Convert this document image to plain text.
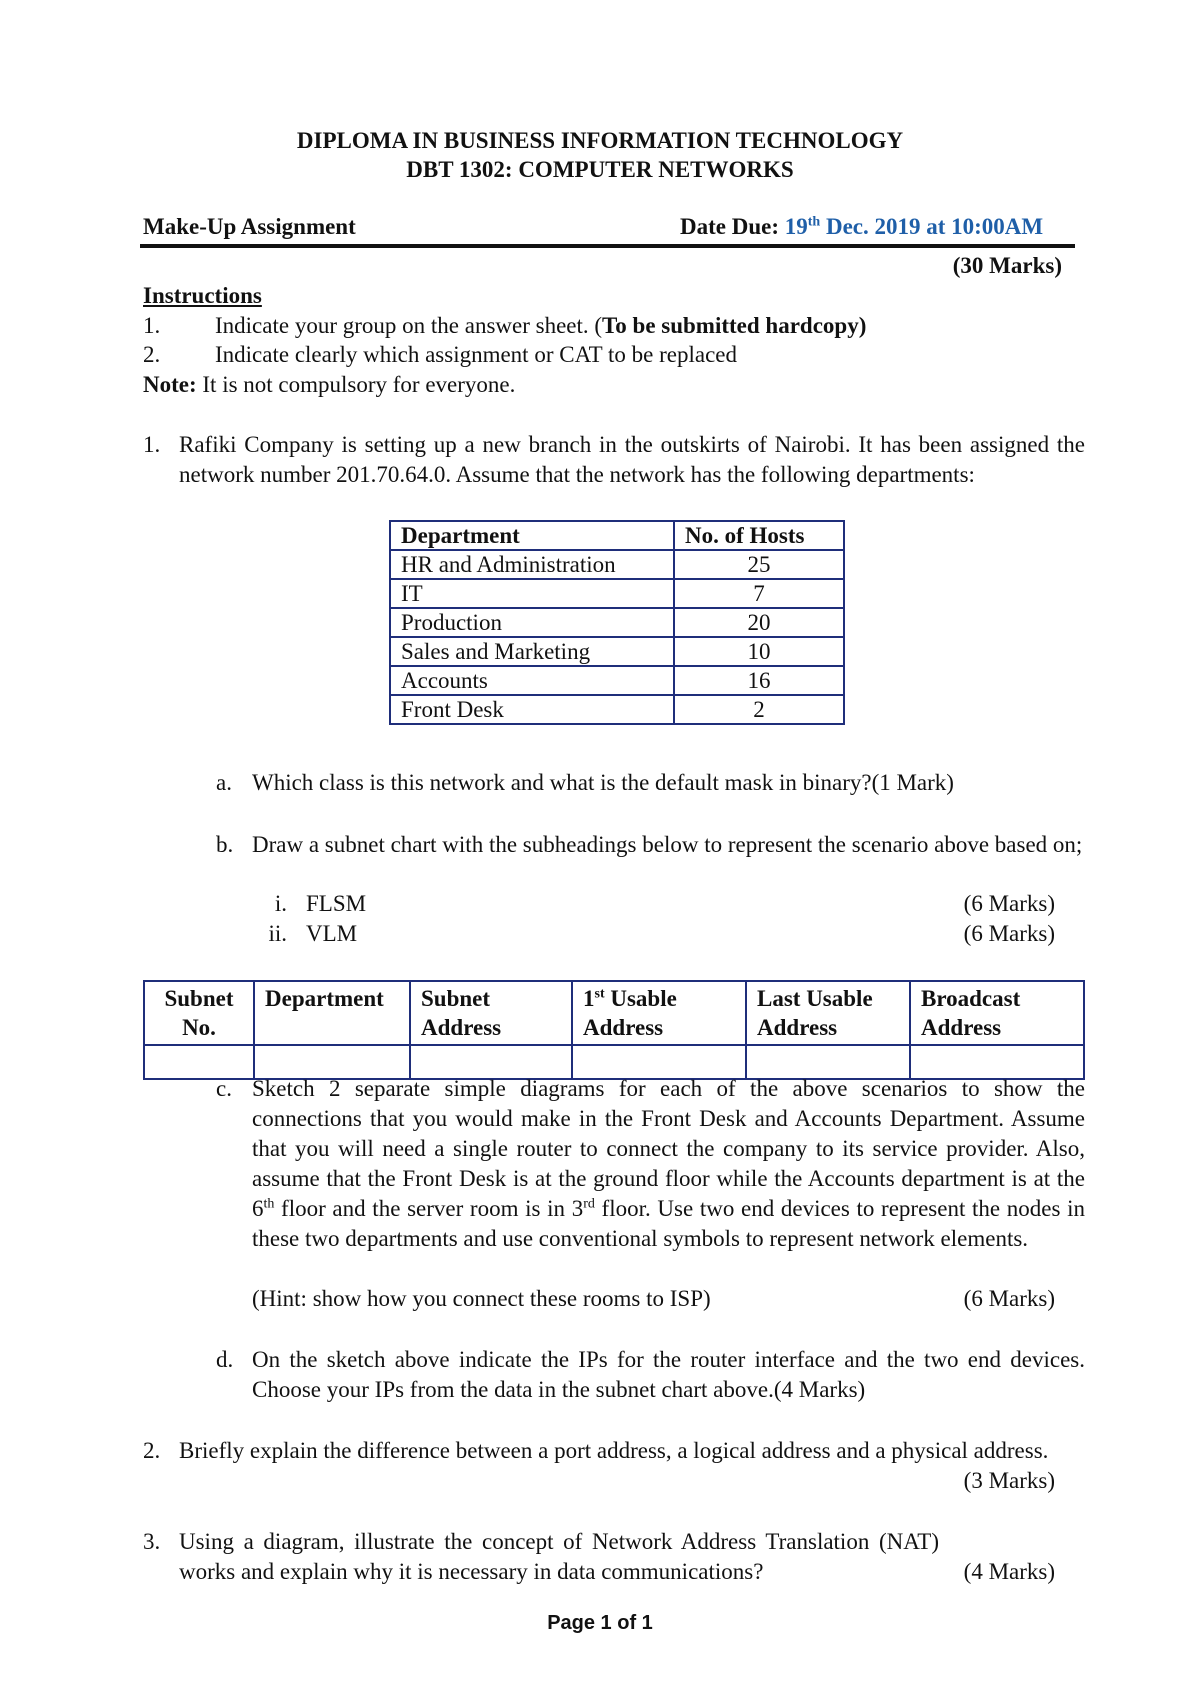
DIPLOMA IN BUSINESS INFORMATION TECHNOLOGY
DBT 1302: COMPUTER NETWORKS
Make-Up Assignment	Date Due: 19th Dec. 2019 at 10:00AM
(30 Marks)
Instructions
1. Indicate your group on the answer sheet. (To be submitted hardcopy)
2. Indicate clearly which assignment or CAT to be replaced
Note: It is not compulsory for everyone.
1. Rafiki Company is setting up a new branch in the outskirts of Nairobi. It has been assigned the network number 201.70.64.0. Assume that the network has the following departments:
Department	No. of Hosts
HR and Administration	25
IT	7
Production	20
Sales and Marketing	10
Accounts	16
Front Desk	2
a. Which class is this network and what is the default mask in binary?(1 Mark)
b. Draw a subnet chart with the subheadings below to represent the scenario above based on;
i. FLSM	(6 Marks)
ii. VLM	(6 Marks)
Subnet No.	Department	Subnet Address	1st Usable Address	Last Usable Address	Broadcast Address

c. Sketch 2 separate simple diagrams for each of the above scenarios to show the connections that you would make in the Front Desk and Accounts Department. Assume that you will need a single router to connect the company to its service provider. Also, assume that the Front Desk is at the ground floor while the Accounts department is at the 6th floor and the server room is in 3rd floor. Use two end devices to represent the nodes in these two departments and use conventional symbols to represent network elements.
(Hint: show how you connect these rooms to ISP)	(6 Marks)
d. On the sketch above indicate the IPs for the router interface and the two end devices. Choose your IPs from the data in the subnet chart above.(4 Marks)
2. Briefly explain the difference between a port address, a logical address and a physical address.
(3 Marks)
3. Using a diagram, illustrate the concept of Network Address Translation (NAT) works and explain why it is necessary in data communications?	(4 Marks)
Page 1 of 1
